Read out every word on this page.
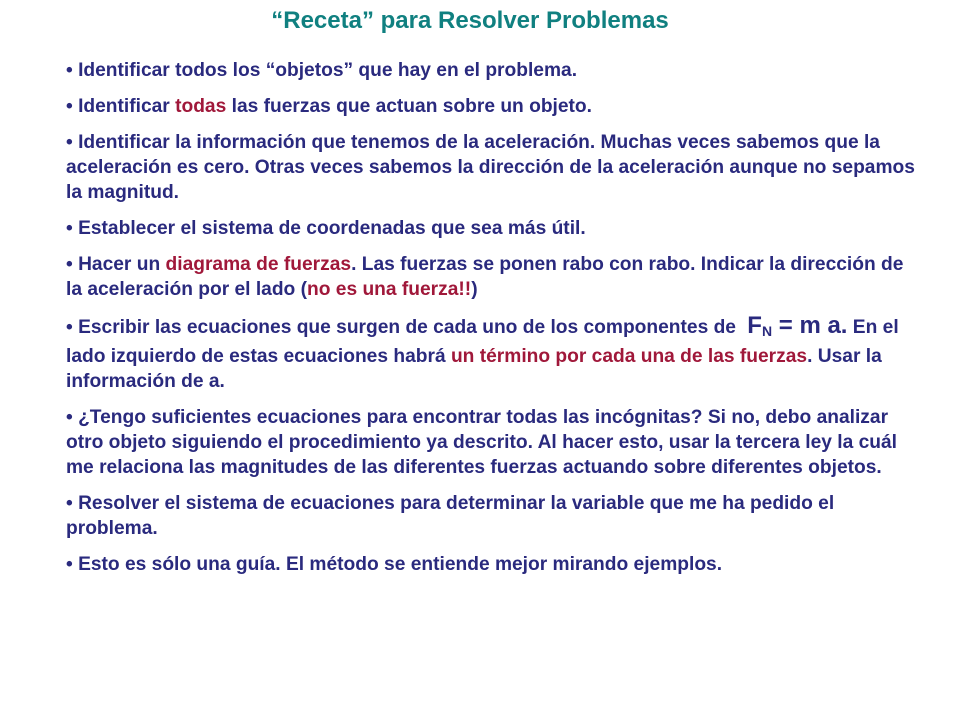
“Receta” para Resolver Problemas

• Identificar todos los “objetos” que hay en el problema.

• Identificar todas las fuerzas que actuan sobre un objeto.

• Identificar la información que tenemos de la aceleración. Muchas veces sabemos que la aceleración es cero. Otras veces sabemos la dirección de la aceleración aunque no sepamos la magnitud.

• Establecer el sistema de coordenadas que sea más útil.

• Hacer un diagrama de fuerzas. Las fuerzas se ponen rabo con rabo. Indicar la dirección de la aceleración por el lado (no es una fuerza!!)

• Escribir las ecuaciones que surgen de cada uno de los componentes de $F_N = m$ a. En el lado izquierdo de estas ecuaciones habrá un término por cada una de las fuerzas. Usar la información de a.

• ¿Tengo suficientes ecuaciones para encontrar todas las incógnitas? Si no, debo analizar otro objeto siguiendo el procedimiento ya descrito. Al hacer esto, usar la tercera ley la cuál me relaciona las magnitudes de las diferentes fuerzas actuando sobre diferentes objetos.

• Resolver el sistema de ecuaciones para determinar la variable que me ha pedido el problema.

• Esto es sólo una guía. El método se entiende mejor mirando ejemplos.
